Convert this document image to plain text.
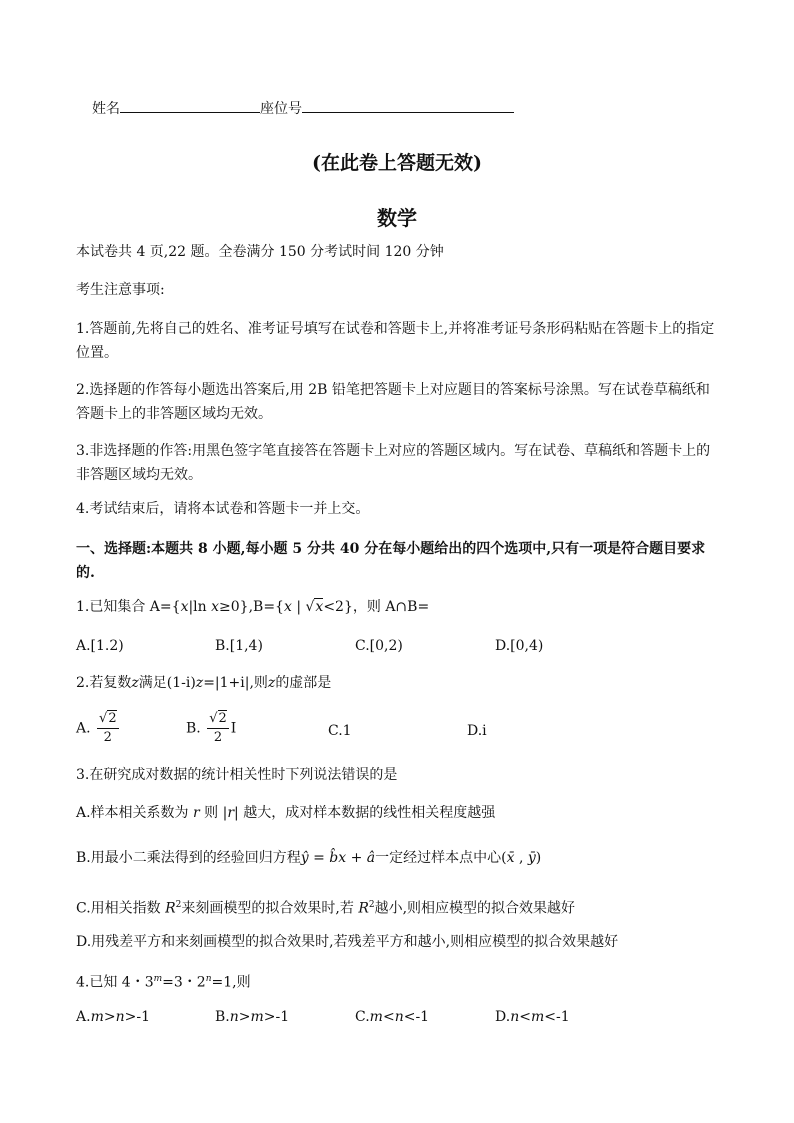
姓名	座位号
(在此卷上答题无效)
数学
本试卷共 4 页,22 题。全卷满分 150 分考试时间 120 分钟
考生注意事项:
1.答题前,先将自己的姓名、准考证号填写在试卷和答题卡上,并将准考证号条形码粘贴在答题卡上的指定位置。
2.选择题的作答每小题选出答案后,用 2B 铅笔把答题卡上对应题目的答案标号涂黑。写在试卷草稿纸和答题卡上的非答题区域均无效。
3.非选择题的作答:用黑色签字笔直接答在答题卡上对应的答题区域内。写在试卷、草稿纸和答题卡上的非答题区域均无效。
4.考试结束后，请将本试卷和答题卡一并上交。
一、选择题:本题共 8 小题,每小题 5 分共 40 分在每小题给出的四个选项中,只有一项是符合题目要求的.
1.已知集合 A={x|ln x≥0},B={x | √x<2}，则 A∩B=
A.[1.2)	B.[1,4)	C.[0,2)	D.[0,4)
2.若复数z满足(1-i)z=|1+i|,则z的虚部是
A. $\frac{√2}{2}$	B. $\frac{√2}{2}$ I	C.1	D.i
3.在研究成对数据的统计相关性时下列说法错误的是
A.样本相关系数为 r 则 |r| 越大，成对样本数据的线性相关程度越强
B.用最小二乘法得到的经验回归方程ŷ = b̂x + â一定经过样本点中心(x̄ , ȳ)
C.用相关指数 $R^2$来刻画模型的拟合效果时,若 $R^2$越小,则相应模型的拟合效果越好
D.用残差平方和来刻画模型的拟合效果时,若残差平方和越小,则相应模型的拟合效果越好
4.已知 4・$3^m=3$・$2^n=1$,则
A.m>n>-1	B.n>m>-1	C.m<n<-1	D.n<m<-1
